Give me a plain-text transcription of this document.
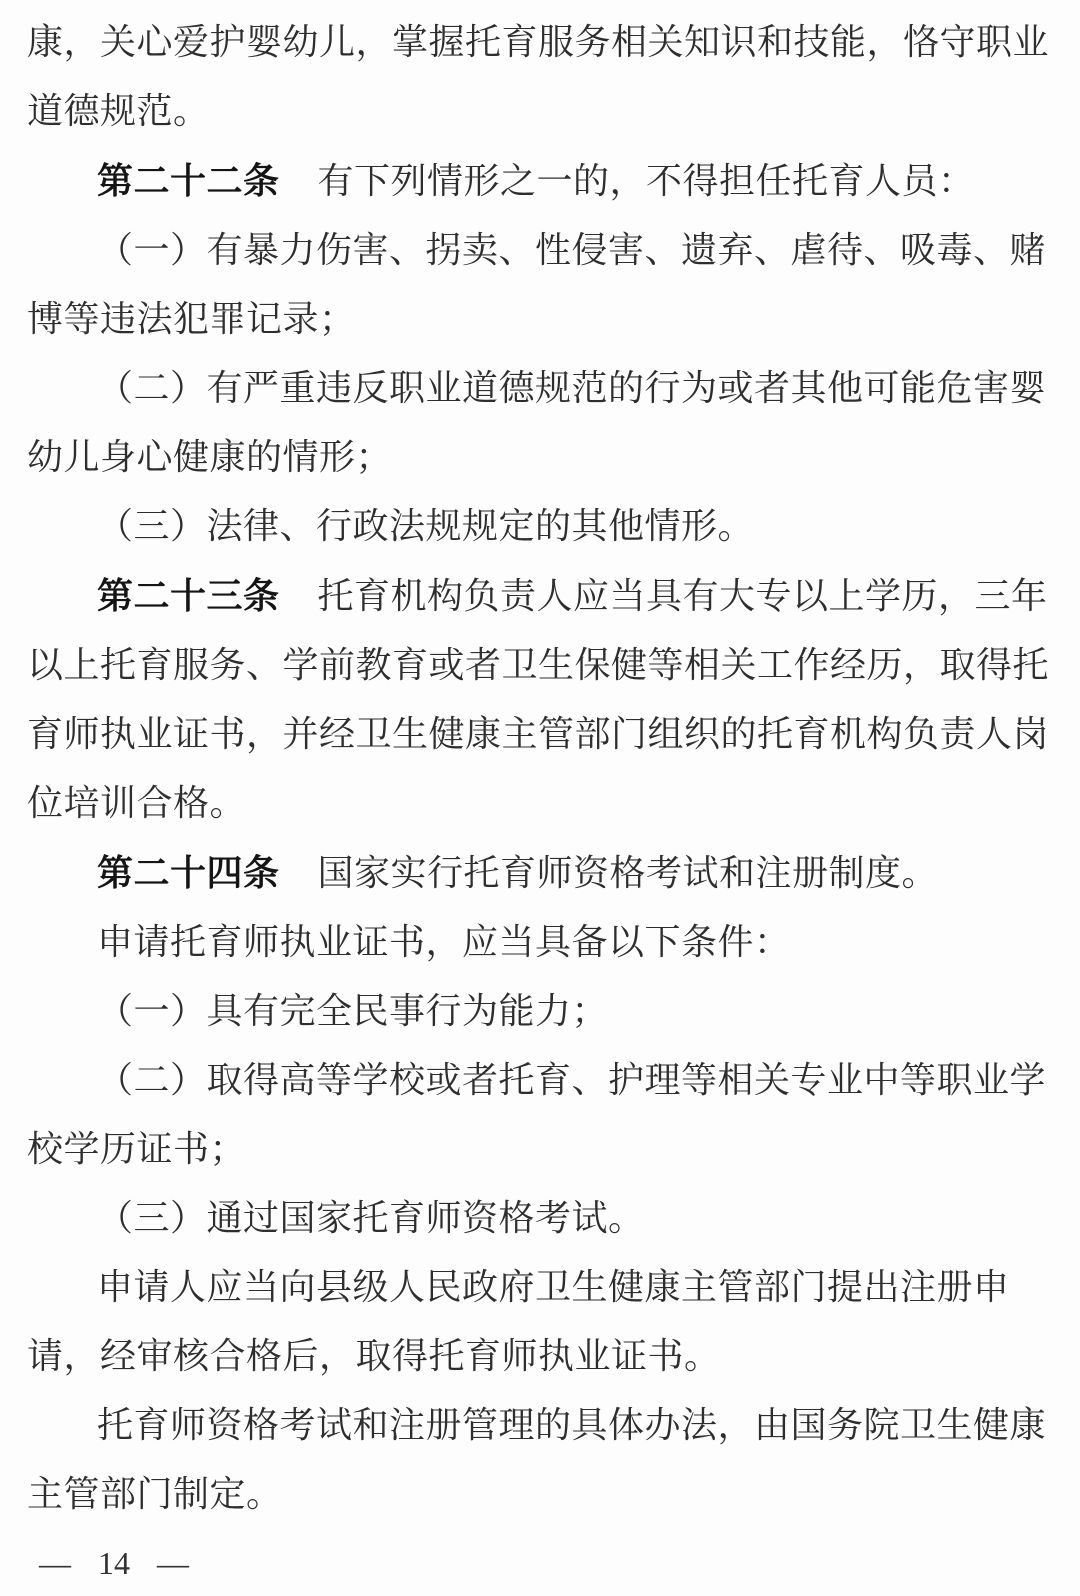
康，关心爱护婴幼儿，掌握托育服务相关知识和技能，恪守职业
道德规范。
第二十二条 有下列情形之一的，不得担任托育人员：
（一）有暴力伤害、拐卖、性侵害、遗弃、虐待、吸毒、赌
博等违法犯罪记录；
（二）有严重违反职业道德规范的行为或者其他可能危害婴
幼儿身心健康的情形；
（三）法律、行政法规规定的其他情形。
第二十三条 托育机构负责人应当具有大专以上学历，三年
以上托育服务、学前教育或者卫生保健等相关工作经历，取得托
育师执业证书，并经卫生健康主管部门组织的托育机构负责人岗
位培训合格。
第二十四条 国家实行托育师资格考试和注册制度。
申请托育师执业证书，应当具备以下条件：
（一）具有完全民事行为能力；
（二）取得高等学校或者托育、护理等相关专业中等职业学
校学历证书；
（三）通过国家托育师资格考试。
申请人应当向县级人民政府卫生健康主管部门提出注册申
请，经审核合格后，取得托育师执业证书。
托育师资格考试和注册管理的具体办法，由国务院卫生健康
主管部门制定。
— 14 —
